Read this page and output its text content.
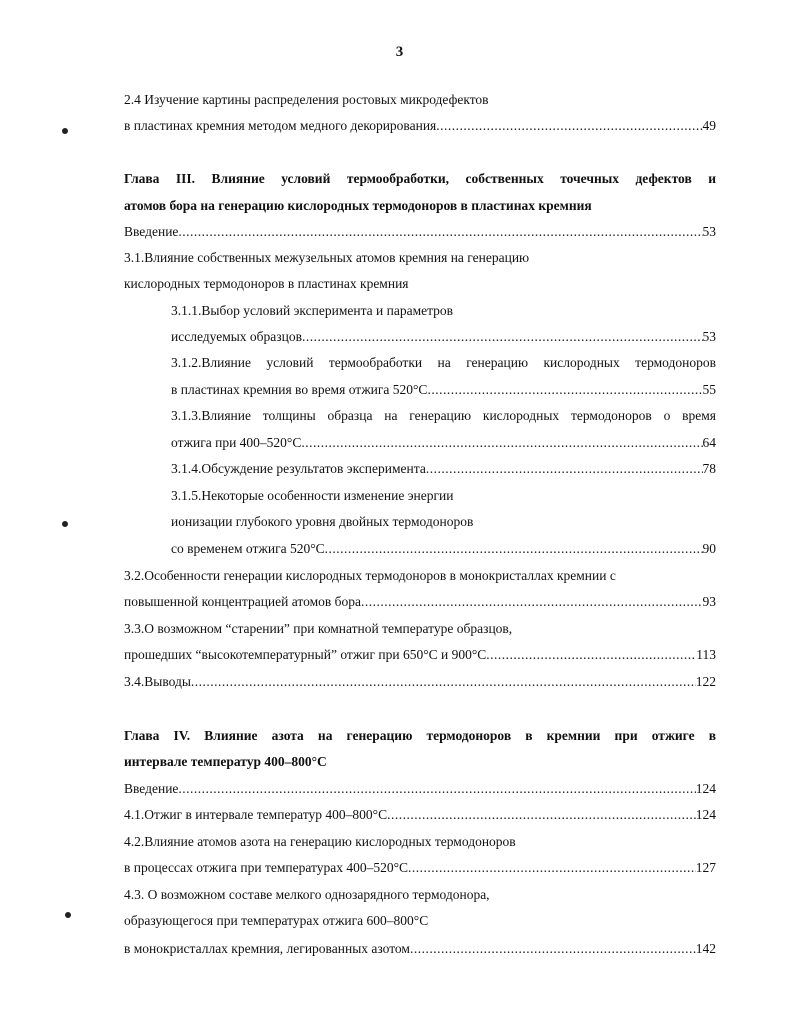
3
2.4 Изучение картины распределения ростовых микродефектов
в пластинах кремния методом медного декорирования .....	49
Глава III. Влияние условий термообработки, собственных точечных дефектов и
атомов бора на генерацию кислородных термодоноров в пластинах кремния
Введение .....	53
3.1.Влияние собственных межузельных атомов кремния на генерацию
кислородных термодоноров в пластинах кремния
3.1.1.Выбор условий эксперимента и параметров
исследуемых образцов .....	53
3.1.2.Влияние условий термообработки на генерацию кислородных термодоноров
в пластинах кремния во время отжига 520°С .....	55
3.1.3.Влияние толщины образца на генерацию кислородных термодоноров о время
отжига при 400–520°С .....	64
3.1.4.Обсуждение результатов эксперимента .....	78
3.1.5.Некоторые особенности изменение энергии
ионизации глубокого уровня двойных термодоноров
со временем отжига 520°С .....	90
3.2.Особенности генерации кислородных термодоноров в монокристаллах кремнии с
повышенной концентрацией атомов бора .....	93
3.3.О возможном “старении” при комнатной температуре образцов,
прошедших “высокотемпературный” отжиг при 650°С и 900°С .....	113
3.4.Выводы .....	122
Глава IV. Влияние азота на генерацию термодоноров в кремнии при отжиге в
интервале температур 400–800°С
Введение .....	124
4.1.Отжиг в интервале температур 400–800°С .....	124
4.2.Влияние атомов азота на генерацию кислородных термодоноров
в процессах отжига при температурах 400–520°С .....	127
4.3. О возможном составе мелкого однозарядного термодонора,
образующегося при температурах отжига 600–800°С
в монокристаллах кремния, легированных азотом .....	142
